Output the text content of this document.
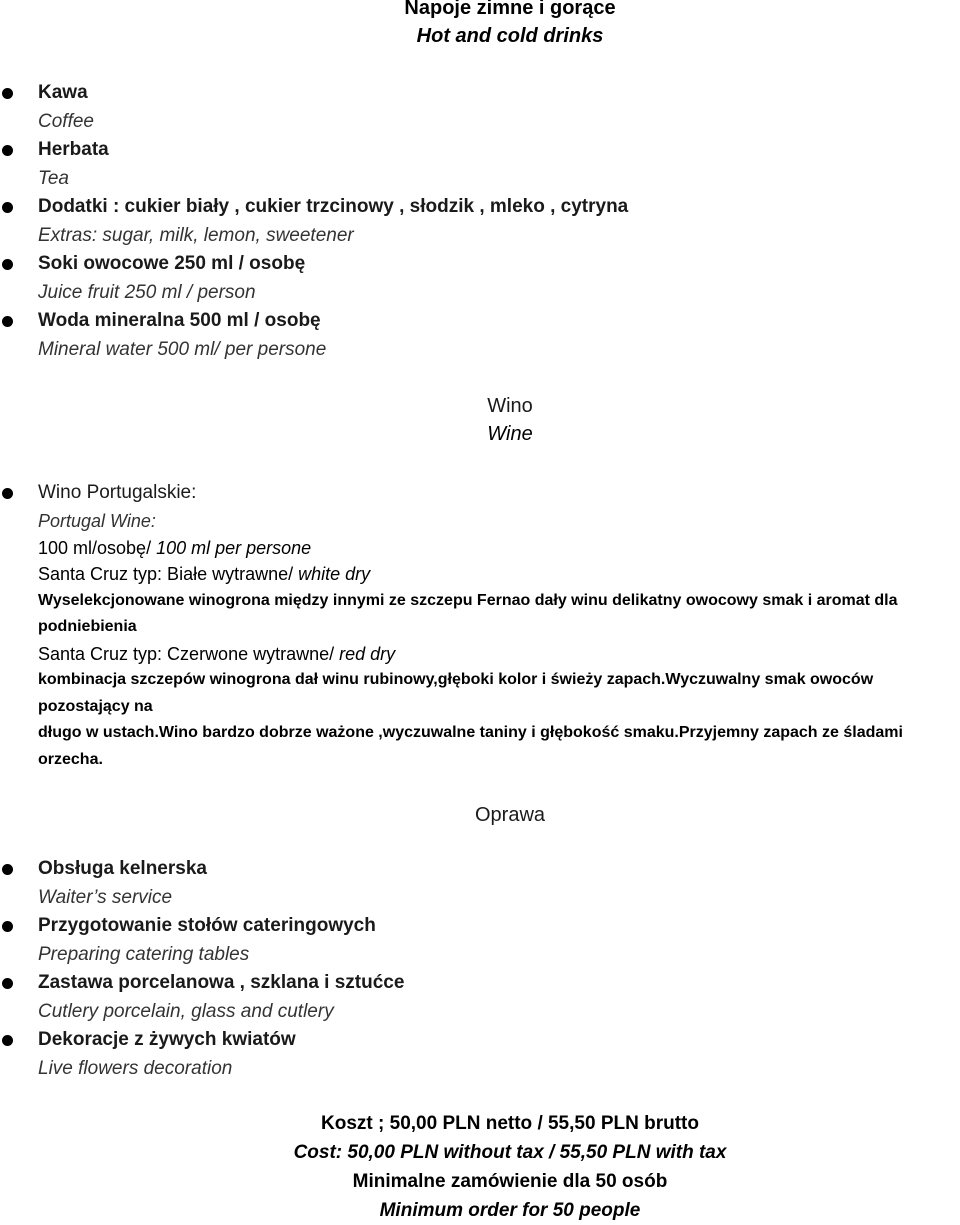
Napoje zimne i gorące

Hot and cold drinks

Kawa
Coffee
Herbata
Tea
Dodatki : cukier biały , cukier trzcinowy , słodzik , mleko , cytryna
Extras: sugar, milk, lemon, sweetener
Soki owocowe 250 ml / osobę
Juice fruit 250 ml / person
Woda mineralna 500 ml / osobę
Mineral water 500 ml/ per persone

Wino

Wine

Wino Portugalskie:
Portugal Wine:
100 ml/osobę/ 100 ml per persone
Santa Cruz typ: Białe wytrawne/ white dry
Wyselekcjonowane winogrona między innymi ze szczepu Fernao dały winu delikatny owocowy smak i aromat dla podniebienia
Santa Cruz typ: Czerwone wytrawne/ red dry
kombinacja szczepów winogrona dał winu rubinowy,głęboki kolor i świeży zapach.Wyczuwalny smak owoców pozostający na
długo w ustach.Wino bardzo dobrze ważone ,wyczuwalne taniny i głębokość smaku.Przyjemny zapach ze śladami orzecha.

Oprawa

Obsługa kelnerska
Waiter’s service
Przygotowanie stołów cateringowych
Preparing catering tables
Zastawa porcelanowa , szklana i sztućce
Cutlery porcelain, glass and cutlery
Dekoracje z żywych kwiatów
Live flowers decoration
Koszt ; 50,00 PLN netto / 55,50 PLN brutto
Cost: 50,00 PLN without tax / 55,50 PLN with tax
Minimalne zamówienie dla 50 osób
Minimum order for 50 people
